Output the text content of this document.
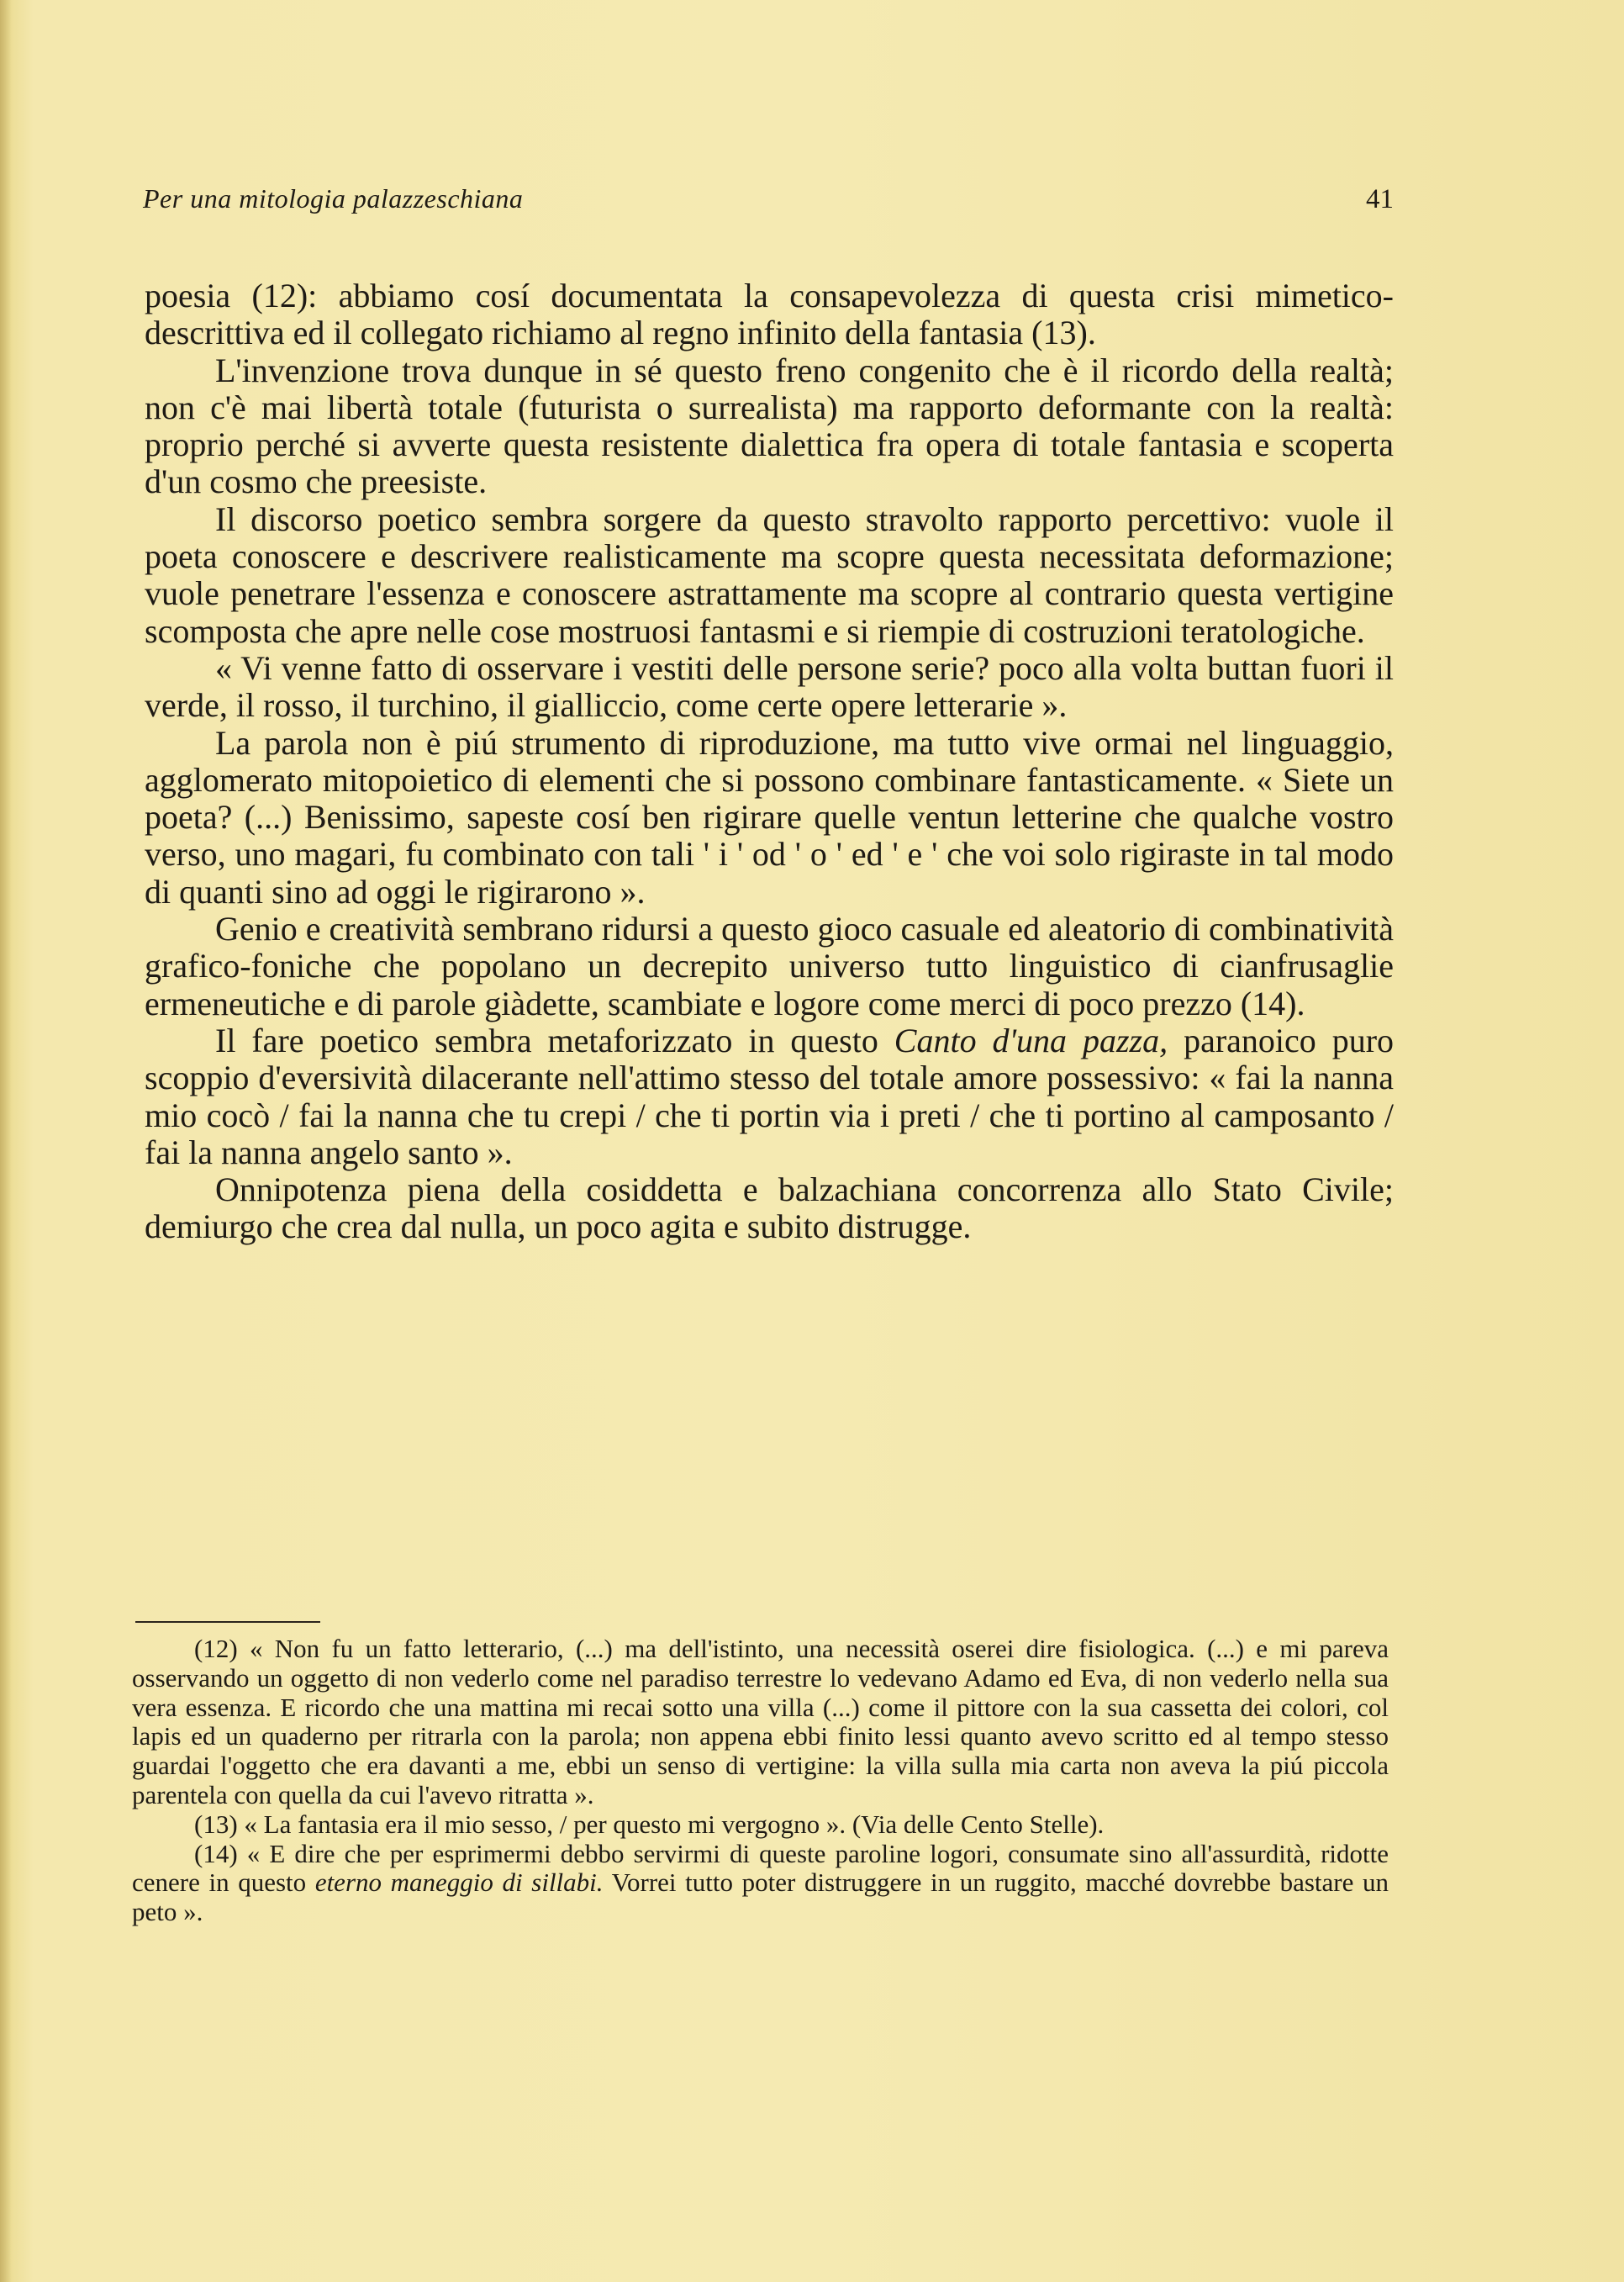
Per una mitologia palazzeschiana	41

poesia (12): abbiamo cosí documentata la consapevolezza di questa crisi mimetico-descrittiva ed il collegato richiamo al regno infinito della fantasia (13).

L'invenzione trova dunque in sé questo freno congenito che è il ricordo della realtà; non c'è mai libertà totale (futurista o surrealista) ma rapporto deformante con la realtà: proprio perché si avverte questa resistente dialettica fra opera di totale fantasia e scoperta d'un cosmo che preesiste.

Il discorso poetico sembra sorgere da questo stravolto rapporto percettivo: vuole il poeta conoscere e descrivere realisticamente ma scopre questa necessitata deformazione; vuole penetrare l'essenza e conoscere astrattamente ma scopre al contrario questa vertigine scomposta che apre nelle cose mostruosi fantasmi e si riempie di costruzioni teratologiche.

« Vi venne fatto di osservare i vestiti delle persone serie? poco alla volta buttan fuori il verde, il rosso, il turchino, il gialliccio, come certe opere letterarie ».

La parola non è piú strumento di riproduzione, ma tutto vive ormai nel linguaggio, agglomerato mitopoietico di elementi che si possono combinare fantasticamente. « Siete un poeta? (...) Benissimo, sapeste cosí ben rigirare quelle ventun letterine che qualche vostro verso, uno magari, fu combinato con tali ' i ' od ' o ' ed ' e ' che voi solo rigiraste in tal modo di quanti sino ad oggi le rigirarono ».

Genio e creatività sembrano ridursi a questo gioco casuale ed aleatorio di combinatività grafico-foniche che popolano un decrepito universo tutto linguistico di cianfrusaglie ermeneutiche e di parole giàdette, scambiate e logore come merci di poco prezzo (14).

Il fare poetico sembra metaforizzato in questo Canto d'una pazza, paranoico puro scoppio d'eversività dilacerante nell'attimo stesso del totale amore possessivo: « fai la nanna mio cocò / fai la nanna che tu crepi / che ti portin via i preti / che ti portino al camposanto / fai la nanna angelo santo ».

Onnipotenza piena della cosiddetta e balzachiana concorrenza allo Stato Civile; demiurgo che crea dal nulla, un poco agita e subito distrugge.

(12) « Non fu un fatto letterario, (...) ma dell'istinto, una necessità oserei dire fisiologica. (...) e mi pareva osservando un oggetto di non vederlo come nel paradiso terrestre lo vedevano Adamo ed Eva, di non vederlo nella sua vera essenza. E ricordo che una mattina mi recai sotto una villa (...) come il pittore con la sua cassetta dei colori, col lapis ed un quaderno per ritrarla con la parola; non appena ebbi finito lessi quanto avevo scritto ed al tempo stesso guardai l'oggetto che era davanti a me, ebbi un senso di vertigine: la villa sulla mia carta non aveva la piú piccola parentela con quella da cui l'avevo ritratta ».

(13) « La fantasia era il mio sesso, / per questo mi vergogno ». (Via delle Cento Stelle).

(14) « E dire che per esprimermi debbo servirmi di queste paroline logori, consumate sino all'assurdità, ridotte cenere in questo eterno maneggio di sillabi. Vorrei tutto poter distruggere in un ruggito, macché dovrebbe bastare un peto ».
